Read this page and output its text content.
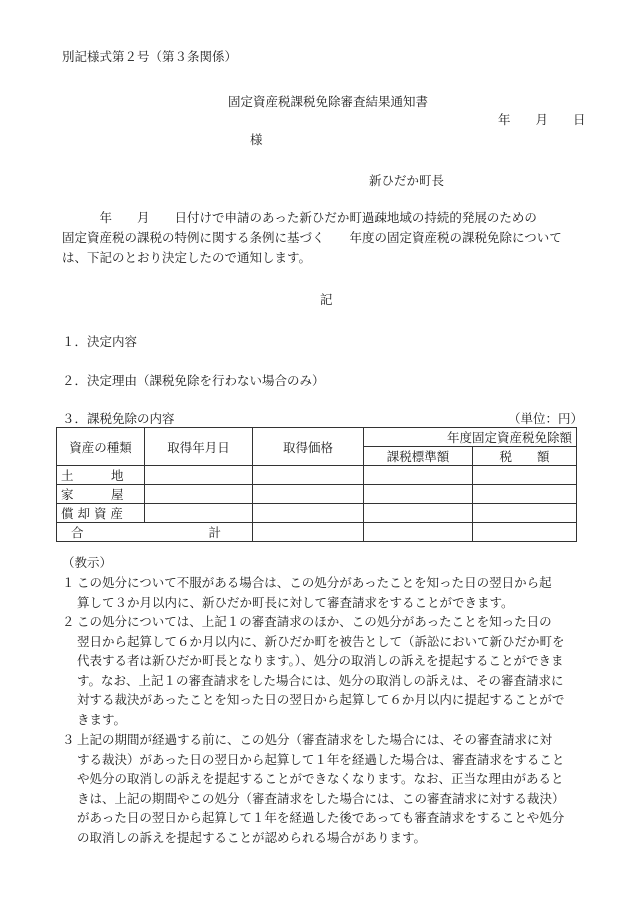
別記様式第２号（第３条関係）
固定資産税課税免除審査結果通知書
年　　月　　日
様
新ひだか町長
　　　年　　月　　日付けで申請のあった新ひだか町過疎地域の持続的発展のための
固定資産税の課税の特例に関する条例に基づく　　年度の固定資産税の課税免除について
は、下記のとおり決定したので通知します。
記
１．決定内容
２．決定理由（課税免除を行わない場合のみ）
３．課税免除の内容	（単位：円）
資産の種類	取得年月日	取得価格	年度固定資産税免除額	
			課税標準額	税　　額
土　　　地				
家　　　屋				
償 却 資 産				
合　　　　　　　　　　計				
（教示）
１ この処分について不服がある場合は、この処分があったことを知った日の翌日から起
算して３か月以内に、新ひだか町長に対して審査請求をすることができます。
２ この処分については、上記１の審査請求のほか、この処分があったことを知った日の
翌日から起算して６か月以内に、新ひだか町を被告として（訴訟において新ひだか町を
代表する者は新ひだか町長となります。）、処分の取消しの訴えを提起することができま
す。なお、上記１の審査請求をした場合には、処分の取消しの訴えは、その審査請求に
対する裁決があったことを知った日の翌日から起算して６か月以内に提起することがで
きます。
３ 上記の期間が経過する前に、この処分（審査請求をした場合には、その審査請求に対
する裁決）があった日の翌日から起算して１年を経過した場合は、審査請求をすること
や処分の取消しの訴えを提起することができなくなります。なお、正当な理由があると
きは、上記の期間やこの処分（審査請求をした場合には、この審査請求に対する裁決）
があった日の翌日から起算して１年を経過した後であっても審査請求をすることや処分
の取消しの訴えを提起することが認められる場合があります。
